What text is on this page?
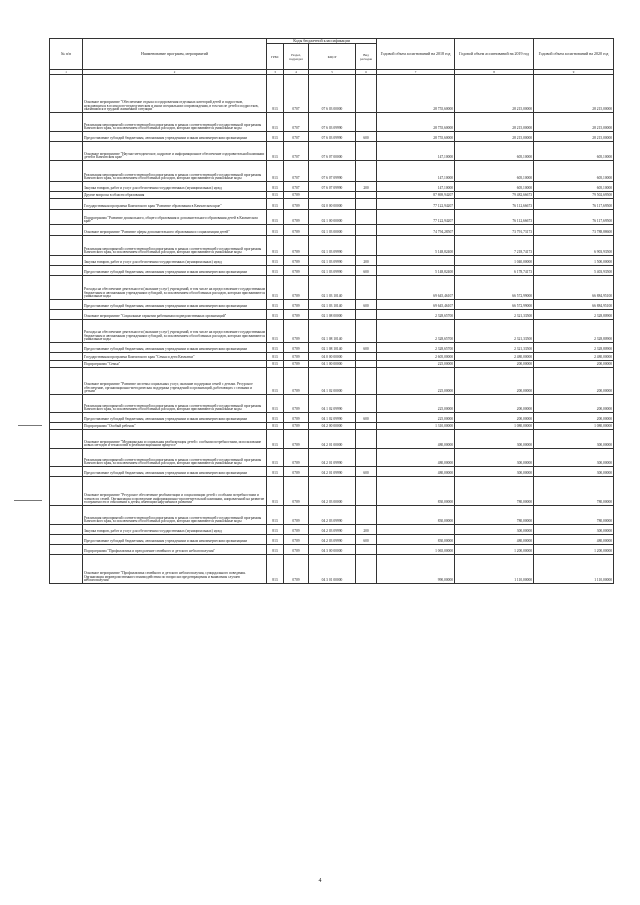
№ п/п	Наименование программ, мероприятий	Коды бюджетной классификации				Годовой объем ассигнований на 2018 год	Годовой объем ассигнований на 2019 год	Годовой объем ассигнований на 2020 год
		ГРБС	Раздел, подраздел	КЦСР	Вид расходов			
1	2	3	4	5	6	7	8	9
	Основное мероприятие "Обеспечение отдыха и оздоровления отдельных категорий детей и подростков, нуждающихся в психолого-педагогическом и ином специальном сопровождении, в том числе детей и подростков, оказавшихся в трудной жизненной ситуации"	813	0707	07 6 03 00000		28 755,60000	28 215,00000	28 215,00000
	Реализация мероприятий соответствующей подпрограммы в рамках соответствующей государственной программы Камчатского края, за исключением обособленных расходов, которым присваиваются уникальные коды	813	0707	07 6 03 09990		28 755,60000	28 215,00000	28 215,00000
	Предоставление субсидий бюджетным, автономным учреждениям и иным некоммерческим организациям	813	0707	07 6 03 09990	600	28 755,60000	28 215,00000	28 215,00000
	Основное мероприятие "Научно-методическое, кадровое и информационное обеспечение оздоровительной кампании детей в Камчатском крае"	813	0707	07 6 07 00000		147,10000	605,10000	605,10000
	Реализация мероприятий соответствующей подпрограммы в рамках соответствующей государственной программы Камчатского края, за исключением обособленных расходов, которым присваиваются уникальные коды	813	0707	07 6 07 09990		147,10000	605,10000	605,10000
	Закупка товаров, работ и услуг для обеспечения государственных (муниципальных) нужд	813	0707	07 6 07 09990	200	147,10000	605,10000	605,10000
	Другие вопросы в области образования	813	0709			87 869,94207	79 482,66673	79 502,69500
	Государственная программа Камчатского края "Развитие образования в Камчатском крае"	813	0709	02 0 00 00000		77 122,94207	76 112,66673	76 117,69500
	Подпрограмма "Развитие дошкольного, общего образования и дополнительного образования детей в Камчатском крае"	813	0709	02 1 00 00000		77 122,94207	76 112,66673	76 117,69500
	Основное мероприятие "Развитие сферы дополнительного образования и социализации детей"	813	0709	02 1 03 00000		74 794,28507	73 791,73173	73 788,88600
	Реализация мероприятий соответствующей подпрограммы в рамках соответствующей государственной программы Камчатского края, за исключением обособленных расходов, которым присваиваются уникальные коды	813	0709	02 1 03 09990		5 148,82400	7 218,74173	6 903,93500
	Закупка товаров, работ и услуг для обеспечения государственных (муниципальных) нужд	813	0709	02 1 03 09990	200		1 040,00000	1 500,00000
	Предоставление субсидий бюджетным, автономным учреждениям и иным некоммерческим организациям	813	0709	02 1 03 09990	600	5 148,82400	6 178,74173	5 403,93500
	Расходы на обеспечение деятельности (оказание услуг) учреждений, в том числе на предоставление государственным бюджетным и автономным учреждениям субсидий, за исключением обособленных расходов, которым присваиваются уникальные коды	813	0709	02 1 03 10140		69 645,46107	66 572,99000	66 884,95100
	Предоставление субсидий бюджетным, автономным учреждениям и иным некоммерческим организациям	813	0709	02 1 03 10140	600	69 645,46107	66 572,99000	66 884,95100
	Основное мероприятие "Социальные гарантии работникам подведомственных организаций"	813	0709	02 1 08 00000		2 328,65700	2 321,33500	2 328,80900
	Расходы на обеспечение деятельности (оказание услуг) учреждений, в том числе на предоставление государственным бюджетным и автономным учреждениям субсидий, за исключением обособленных расходов, которым присваиваются уникальные коды	813	0709	02 1 08 10140		2 328,65700	2 321,33500	2 328,80900
	Предоставление субсидий бюджетным, автономным учреждениям и иным некоммерческим организациям	813	0709	02 1 08 10140	600	2 328,65700	2 321,33500	2 328,80900
	Государственная программа Камчатского края "Семья и дети Камчатки"	813	0709	04 0 00 00000		2 605,00000	2 480,00000	2 480,00000
	Подпрограмма "Семья"	813	0709	04 1 00 00000		225,00000	200,00000	200,00000
	Основное мероприятие "Развитие системы социальных услуг, оказание поддержки семей с детьми. Ресурсное обеспечение, организационно-методическая поддержка учреждений и организаций, работающих с семьями и детьми"	813	0709	04 1 02 00000		225,00000	200,00000	200,00000
	Реализация мероприятий соответствующей подпрограммы в рамках соответствующей государственной программы Камчатского края, за исключением обособленных расходов, которым присваиваются уникальные коды	813	0709	04 1 02 09990		225,00000	200,00000	200,00000
	Предоставление субсидий бюджетным, автономным учреждениям и иным некоммерческим организациям	813	0709	04 1 02 09990	600	225,00000	200,00000	200,00000
	Подпрограмма "Особый ребенок"	813	0709	04 2 00 00000		1 310,00000	1 080,00000	1 080,00000
	Основное мероприятие "Медицинская и социальная реабилитация детей с особыми потребностями, использование новых методов и технологий в реабилитационном процессе"	813	0709	04 2 01 00000		480,00000	300,00000	300,00000
	Реализация мероприятий соответствующей подпрограммы в рамках соответствующей государственной программы Камчатского края, за исключением обособленных расходов, которым присваиваются уникальные коды	813	0709	04 2 01 09990		480,00000	300,00000	300,00000
	Предоставление субсидий бюджетным, автономным учреждениям и иным некоммерческим организациям	813	0709	04 2 01 09990	600	480,00000	300,00000	300,00000
	Основное мероприятие "Ресурсное обеспечение реабилитации и социализации детей с особыми потребностями и членов их семей. Организация и проведение информационно-просветительской кампании, направленной на развитие толерантности в отношении к детям, имеющим нарушения в развитии"	813	0709	04 2 03 00000		830,00000	780,00000	780,00000
	Реализация мероприятий соответствующей подпрограммы в рамках соответствующей государственной программы Камчатского края, за исключением обособленных расходов, которым присваиваются уникальные коды	813	0709	04 2 03 09990		830,00000	780,00000	780,00000
	Закупка товаров, работ и услуг для обеспечения государственных (муниципальных) нужд	813	0709	04 2 03 09990	200		300,00000	300,00000
	Предоставление субсидий бюджетным, автономным учреждениям и иным некоммерческим организациям	813	0709	04 2 03 09990	600	830,00000	480,00000	480,00000
	Подпрограмма "Профилактика и преодоление семейного и детского неблагополучия"	813	0709	04 3 00 00000		1 065,00000	1 200,00000	1 200,00000
	Основное мероприятие "Профилактика семейного и детского неблагополучия, суицидального поведения. Организация межведомственного взаимодействия по вопросам предотвращения и выявления случаев неблагополучия"	813	0709	04 3 01 00000		990,00000	1 110,00000	1 110,00000
4
